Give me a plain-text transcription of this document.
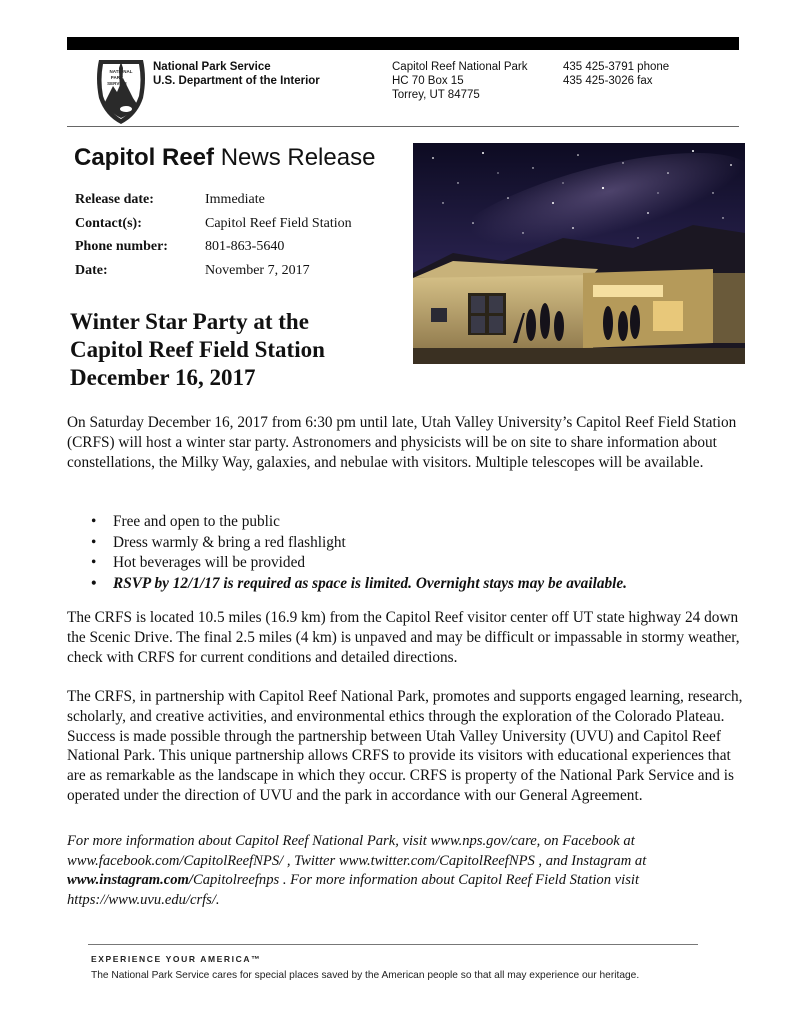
NATIONAL
PARK
SERVICE
National Park Service
U.S. Department of the Interior
Capitol Reef National Park
HC 70 Box 15
Torrey, UT 84775
435 425-3791 phone
435 425-3026 fax
Capitol Reef News Release
Release date:	Immediate
Contact(s):	Capitol Reef Field Station
Phone number:	801-863-5640
Date:	November 7, 2017
Winter Star Party at the
Capitol Reef Field Station
December 16, 2017
On Saturday December 16, 2017 from 6:30 pm until late, Utah Valley University’s Capitol Reef Field Station (CRFS) will host a winter star party. Astronomers and physicists will be on site to share information about constellations, the Milky Way, galaxies, and nebulae with visitors. Multiple telescopes will be available.
• Free and open to the public
• Dress warmly & bring a red flashlight
• Hot beverages will be provided
• RSVP by 12/1/17 is required as space is limited. Overnight stays may be available.
The CRFS is located 10.5 miles (16.9 km) from the Capitol Reef visitor center off UT state highway 24 down the Scenic Drive. The final 2.5 miles (4 km) is unpaved and may be difficult or impassable in stormy weather, check with CRFS for current conditions and detailed directions.
The CRFS, in partnership with Capitol Reef National Park, promotes and supports engaged learning, research, scholarly, and creative activities, and environmental ethics through the exploration of the Colorado Plateau. Success is made possible through the partnership between Utah Valley University (UVU) and Capitol Reef National Park. This unique partnership allows CRFS to provide its visitors with educational experiences that are as remarkable as the landscape in which they occur. CRFS is property of the National Park Service and is operated under the direction of UVU and the park in accordance with our General Agreement.
For more information about Capitol Reef National Park, visit www.nps.gov/care, on Facebook at www.facebook.com/CapitolReefNPS/ , Twitter www.twitter.com/CapitolReefNPS , and Instagram at www.instagram.com/Capitolreefnps . For more information about Capitol Reef Field Station visit https://www.uvu.edu/crfs/.
EXPERIENCE YOUR AMERICA™
The National Park Service cares for special places saved by the American people so that all may experience our heritage.
